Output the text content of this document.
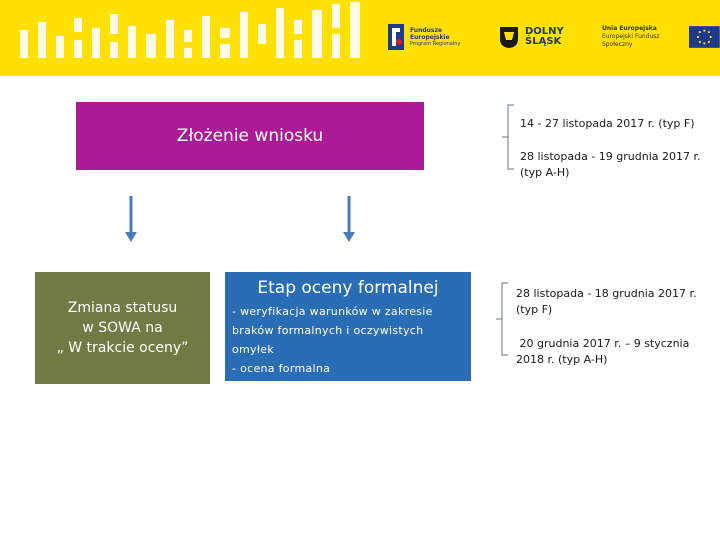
Fundusze
Europejskie
Program Regionalny
DOLNY
ŚLĄSK
Unia Europejska
Europejski Fundusz Społeczny
Złożenie wniosku
Zmiana statusu
w SOWA na
„ W trakcie oceny”
Etap oceny formalnej
- weryfikacja warunków w zakresie
braków formalnych i oczywistych
omyłek
- ocena formalna
14 - 27 listopada 2017 r. (typ F)
28 listopada - 19 grudnia 2017 r.
(typ A-H)
28 listopada - 18 grudnia 2017 r.
(typ F)
20 grudnia 2017 r. – 9 stycznia
2018 r. (typ A-H)
